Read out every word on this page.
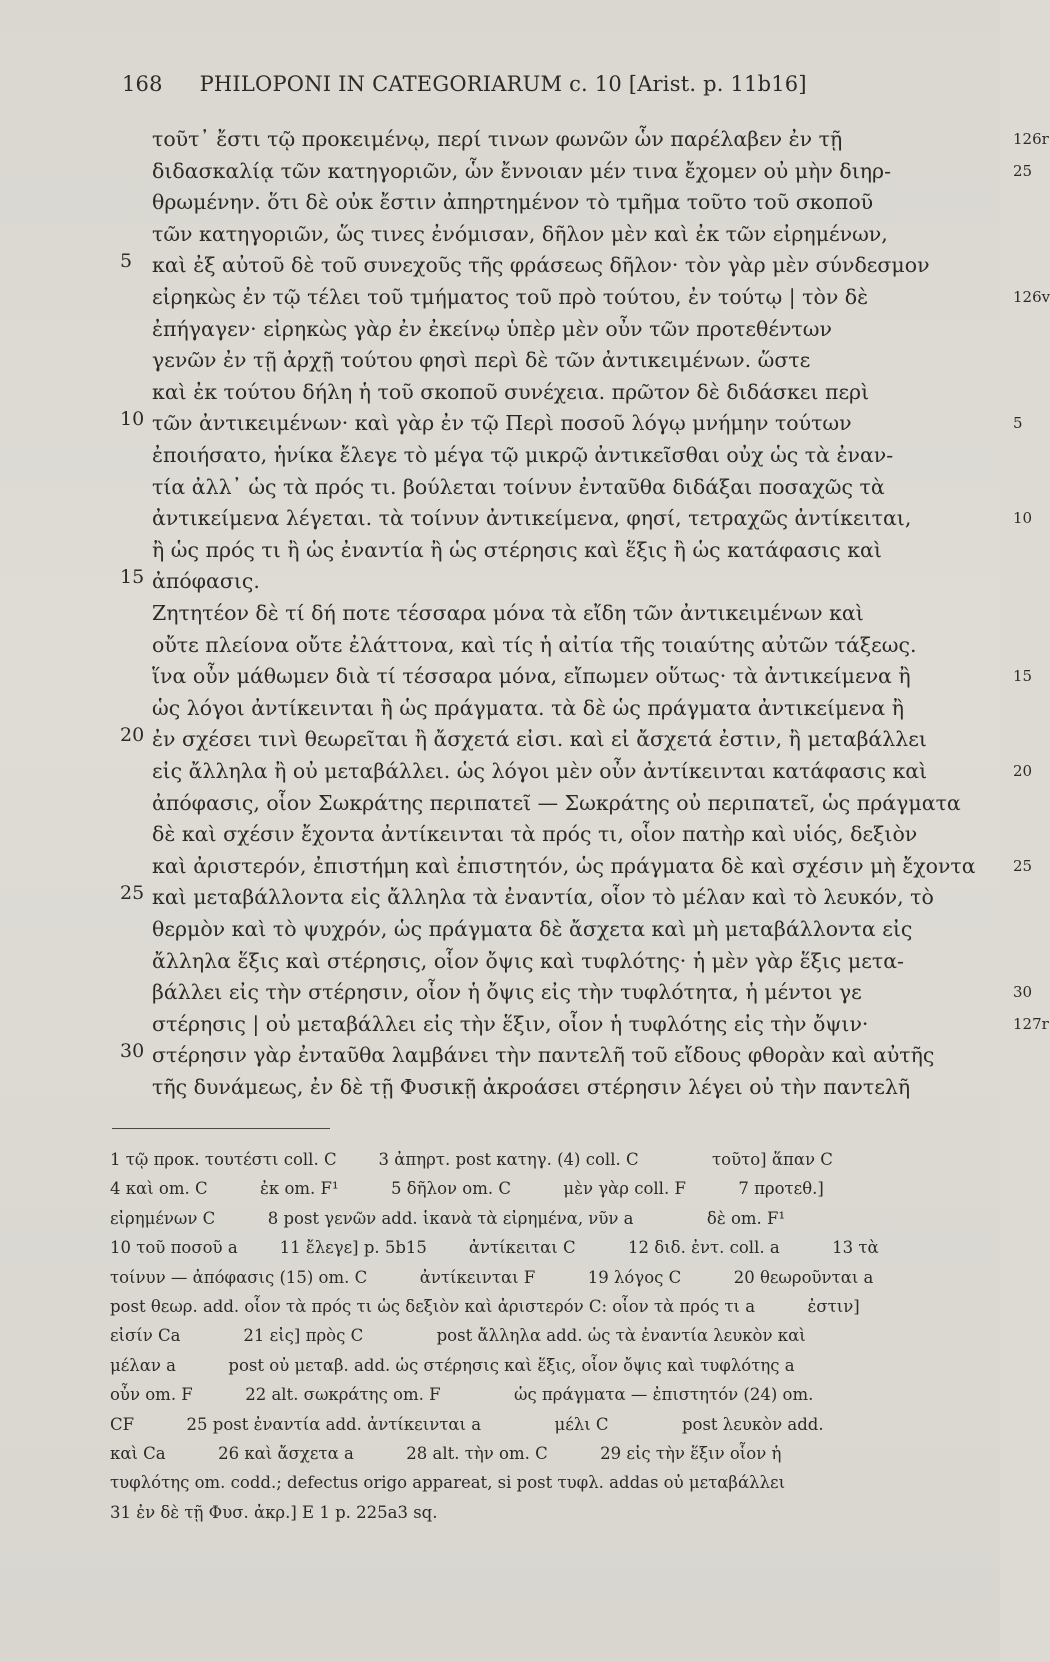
168 PHILOPONI IN CATEGORIARUM c. 10 [Arist. p. 11b16]
τοῦτ᾽ ἔστι τῷ προκειμένῳ, περί τινων φωνῶν ὧν παρέλαβεν ἐν τῇ	126r
διδασκαλίᾳ τῶν κατηγοριῶν, ὧν ἔννοιαν μέν τινα ἔχομεν οὐ μὴν διηρ-	25
θρωμένην. ὅτι δὲ οὐκ ἔστιν ἀπηρτημένον τὸ τμῆμα τοῦτο τοῦ σκοποῦ
τῶν κατηγοριῶν, ὥς τινες ἐνόμισαν, δῆλον μὲν καὶ ἐκ τῶν εἰρημένων,
5 καὶ ἐξ αὐτοῦ δὲ τοῦ συνεχοῦς τῆς φράσεως δῆλον· τὸν γὰρ μὲν σύνδεσμον
εἰρηκὼς ἐν τῷ τέλει τοῦ τμήματος τοῦ πρὸ τούτου, ἐν τούτῳ | τὸν δὲ	126v
ἐπήγαγεν· εἰρηκὼς γὰρ ἐν ἐκείνῳ ὑπὲρ μὲν οὖν τῶν προτεθέντων
γενῶν ἐν τῇ ἀρχῇ τούτου φησὶ περὶ δὲ τῶν ἀντικειμένων. ὥστε
καὶ ἐκ τούτου δήλη ἡ τοῦ σκοποῦ συνέχεια. πρῶτον δὲ διδάσκει περὶ
10 τῶν ἀντικειμένων· καὶ γὰρ ἐν τῷ Περὶ ποσοῦ λόγῳ μνήμην τούτων	5
ἐποιήσατο, ἡνίκα ἔλεγε τὸ μέγα τῷ μικρῷ ἀντικεῖσθαι οὐχ ὡς τὰ ἐναν-
τία ἀλλ᾽ ὡς τὰ πρός τι. βούλεται τοίνυν ἐνταῦθα διδάξαι ποσαχῶς τὰ
ἀντικείμενα λέγεται. τὰ τοίνυν ἀντικείμενα, φησί, τετραχῶς ἀντίκειται,	10
ἢ ὡς πρός τι ἢ ὡς ἐναντία ἢ ὡς στέρησις καὶ ἕξις ἢ ὡς κατάφασις καὶ
15 ἀπόφασις.
Ζητητέον δὲ τί δή ποτε τέσσαρα μόνα τὰ εἴδη τῶν ἀντικειμένων καὶ
οὔτε πλείονα οὔτε ἐλάττονα, καὶ τίς ἡ αἰτία τῆς τοιαύτης αὐτῶν τάξεως.
ἵνα οὖν μάθωμεν διὰ τί τέσσαρα μόνα, εἴπωμεν οὕτως· τὰ ἀντικείμενα ἢ	15
ὡς λόγοι ἀντίκεινται ἢ ὡς πράγματα. τὰ δὲ ὡς πράγματα ἀντικείμενα ἢ
20 ἐν σχέσει τινὶ θεωρεῖται ἢ ἄσχετά εἰσι. καὶ εἰ ἄσχετά ἐστιν, ἢ μεταβάλλει
εἰς ἄλληλα ἢ οὐ μεταβάλλει. ὡς λόγοι μὲν οὖν ἀντίκεινται κατάφασις καὶ	20
ἀπόφασις, οἷον Σωκράτης περιπατεῖ — Σωκράτης οὐ περιπατεῖ, ὡς πράγματα
δὲ καὶ σχέσιν ἔχοντα ἀντίκεινται τὰ πρός τι, οἷον πατὴρ καὶ υἱός, δεξιὸν
καὶ ἀριστερόν, ἐπιστήμη καὶ ἐπιστητόν, ὡς πράγματα δὲ καὶ σχέσιν μὴ ἔχοντα 25
25 καὶ μεταβάλλοντα εἰς ἄλληλα τὰ ἐναντία, οἷον τὸ μέλαν καὶ τὸ λευκόν, τὸ
θερμὸν καὶ τὸ ψυχρόν, ὡς πράγματα δὲ ἄσχετα καὶ μὴ μεταβάλλοντα εἰς
ἄλληλα ἕξις καὶ στέρησις, οἷον ὄψις καὶ τυφλότης· ἡ μὲν γὰρ ἕξις μετα-
βάλλει εἰς τὴν στέρησιν, οἷον ἡ ὄψις εἰς τὴν τυφλότητα, ἡ μέντοι γε	30
στέρησις | οὐ μεταβάλλει εἰς τὴν ἕξιν, οἷον ἡ τυφλότης εἰς τὴν ὄψιν·	127r
30 στέρησιν γὰρ ἐνταῦθα λαμβάνει τὴν παντελῆ τοῦ εἴδους φθορὰν καὶ αὐτῆς
τῆς δυνάμεως, ἐν δὲ τῇ Φυσικῇ ἀκροάσει στέρησιν λέγει οὐ τὴν παντελῆ
1 τῷ προκ. τουτέστι coll. C        3 ἀπηρτ. post κατηγ. (4) coll. C              τοῦτο] ἅπαν C
4 καὶ om. C          ἐκ om. F¹          5 δῆλον om. C          μὲν γὰρ coll. F          7 προτεθ.]
εἰρημένων C          8 post γενῶν add. ἱκανὰ τὰ εἰρημένα, νῦν a              δὲ om. F¹
10 τοῦ ποσοῦ a        11 ἔλεγε] p. 5b15        ἀντίκειται C          12 διδ. ἐντ. coll. a          13 τὰ
τοίνυν — ἀπόφασις (15) om. C          ἀντίκεινται F          19 λόγος C          20 θεωροῦνται a
post θεωρ. add. οἷον τὰ πρός τι ὡς δεξιὸν καὶ ἀριστερόν C: οἷον τὰ πρός τι a          ἐστιν]
εἰσίν Ca            21 εἰς] πρὸς C              post ἄλληλα add. ὡς τὰ ἐναντία λευκὸν καὶ
μέλαν a          post οὐ μεταβ. add. ὡς στέρησις καὶ ἕξις, οἷον ὄψις καὶ τυφλότης a
οὖν om. F          22 alt. σωκράτης om. F              ὡς πράγματα — ἐπιστητόν (24) om.
CF          25 post ἐναντία add. ἀντίκεινται a              μέλι C              post λευκὸν add.
καὶ Ca          26 καὶ ἄσχετα a          28 alt. τὴν om. C          29 εἰς τὴν ἕξιν οἷον ἡ
τυφλότης om. codd.; defectus origo appareat, si post τυφλ. addas οὐ μεταβάλλει
31 ἐν δὲ τῇ Φυσ. ἀκρ.] E 1 p. 225a3 sq.
